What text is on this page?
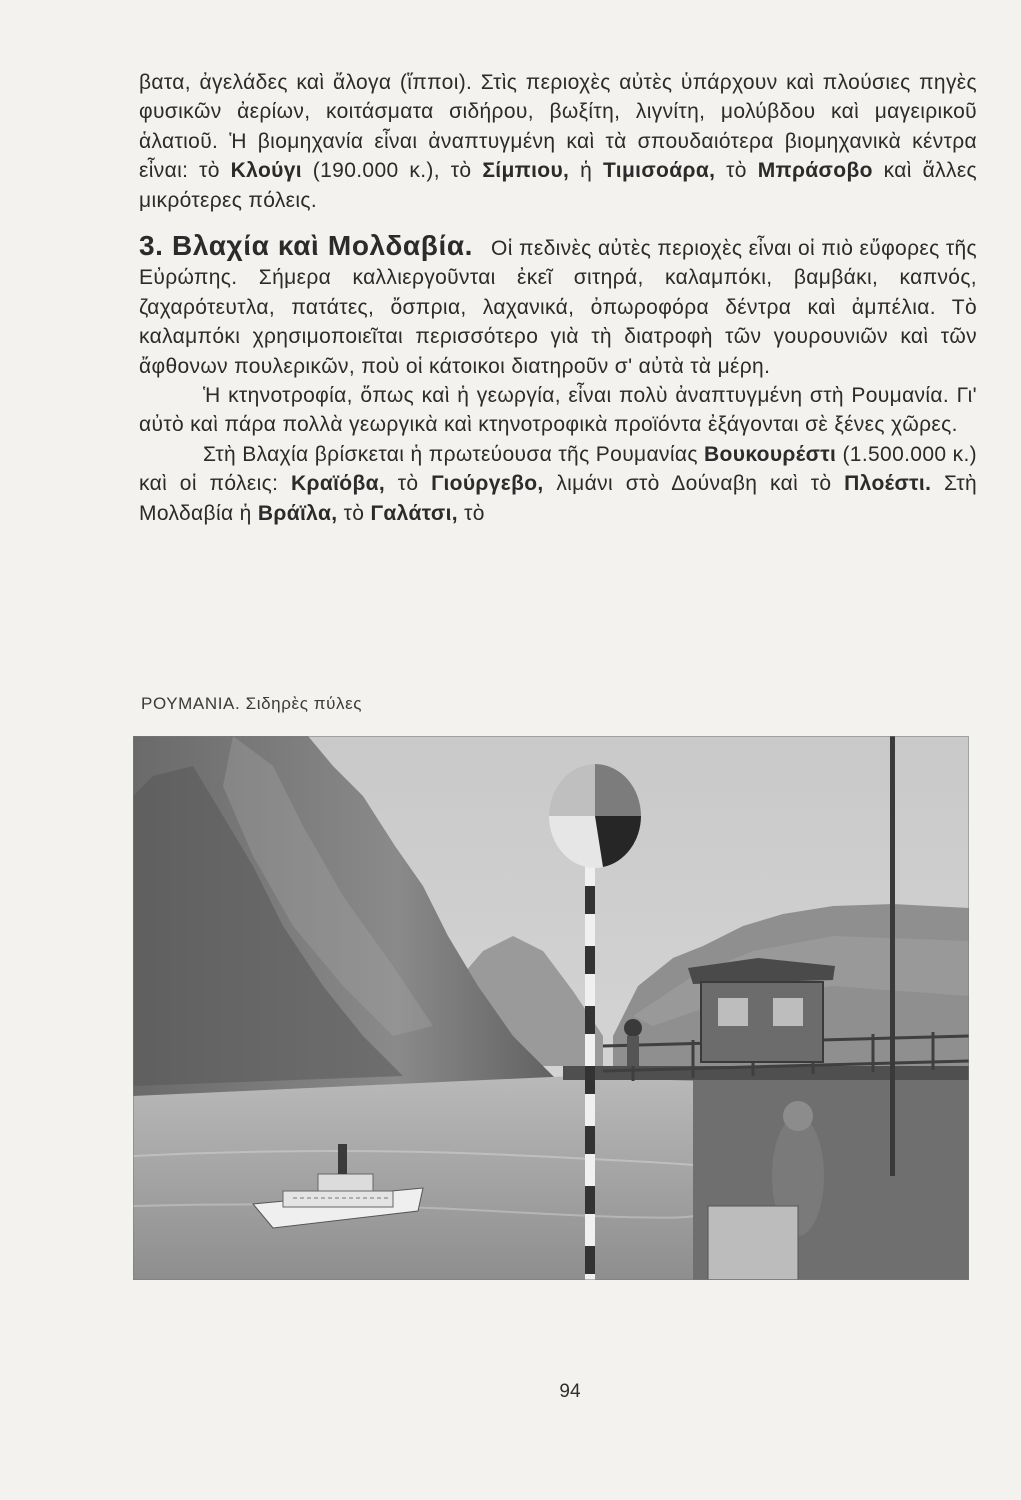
βατα, ἀγελάδες καὶ ἄλογα (ἵπποι). Στὶς περιοχὲς αὐτὲς ὑπάρχουν καὶ πλούσιες πηγὲς φυσικῶν ἀερίων, κοιτάσματα σιδήρου, βωξίτη, λιγνίτη, μολύβδου καὶ μαγειρικοῦ ἁλατιοῦ. Ἡ βιομηχανία εἶναι ἀναπτυγμένη καὶ τὰ σπουδαιότερα βιομηχανικὰ κέντρα εἶναι: τὸ Κλούγι (190.000 κ.), τὸ Σίμπιου, ἡ Τιμισοάρα, τὸ Μπράσοβο καὶ ἄλλες μικρότερες πόλεις.

3. Βλαχία καὶ Μολδαβία. Οἱ πεδινὲς αὐτὲς περιοχὲς εἶναι οἱ πιὸ εὔφορες τῆς Εὐρώπης. Σήμερα καλλιεργοῦνται ἐκεῖ σιτηρά, καλαμπόκι, βαμβάκι, καπνός, ζαχαρότευτλα, πατάτες, ὄσπρια, λαχανικά, ὀπωροφόρα δέντρα καὶ ἀμπέλια. Τὸ καλαμπόκι χρησιμοποιεῖται περισσότερο γιὰ τὴ διατροφὴ τῶν γουρουνιῶν καὶ τῶν ἄφθονων πουλερικῶν, ποὺ οἱ κάτοικοι διατηροῦν σ' αὐτὰ τὰ μέρη.

Ἡ κτηνοτροφία, ὅπως καὶ ἡ γεωργία, εἶναι πολὺ ἀναπτυγμένη στὴ Ρουμανία. Γι' αὐτὸ καὶ πάρα πολλὰ γεωργικὰ καὶ κτηνοτροφικὰ προϊόντα ἐξάγονται σὲ ξένες χῶρες.

Στὴ Βλαχία βρίσκεται ἡ πρωτεύουσα τῆς Ρουμανίας Βουκουρέστι (1.500.000 κ.) καὶ οἱ πόλεις: Κραϊόβα, τὸ Γιούργεβο, λιμάνι στὸ Δούναβη καὶ τὸ Πλοέστι. Στὴ Μολδαβία ἡ Βράϊλα, τὸ Γαλάτσι, τὸ

ΡΟΥΜΑΝΙΑ. Σιδηρὲς πύλες
94
